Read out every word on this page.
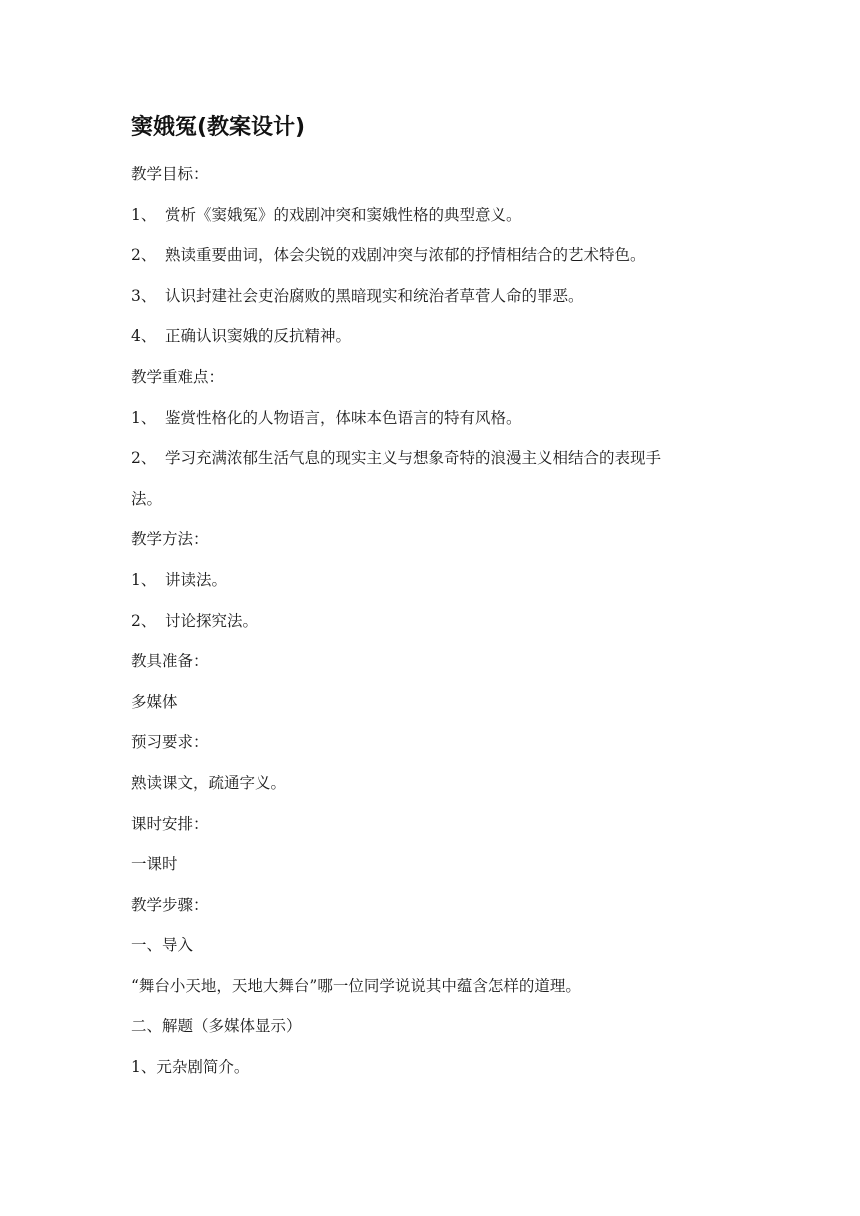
窦娥冤(教案设计)

教学目标：

1、 赏析《窦娥冤》的戏剧冲突和窦娥性格的典型意义。
2、 熟读重要曲词，体会尖锐的戏剧冲突与浓郁的抒情相结合的艺术特色。
3、 认识封建社会吏治腐败的黑暗现实和统治者草菅人命的罪恶。
4、 正确认识窦娥的反抗精神。

教学重难点：

1、 鉴赏性格化的人物语言，体味本色语言的特有风格。
2、 学习充满浓郁生活气息的现实主义与想象奇特的浪漫主义相结合的表现手

法。

教学方法：

1、 讲读法。
2、 讨论探究法。

教具准备：

多媒体

预习要求：

熟读课文，疏通字义。

课时安排：

一课时

教学步骤：

一、导入

“舞台小天地，天地大舞台”哪一位同学说说其中蕴含怎样的道理。

二、解题（多媒体显示）

1、元杂剧简介。
